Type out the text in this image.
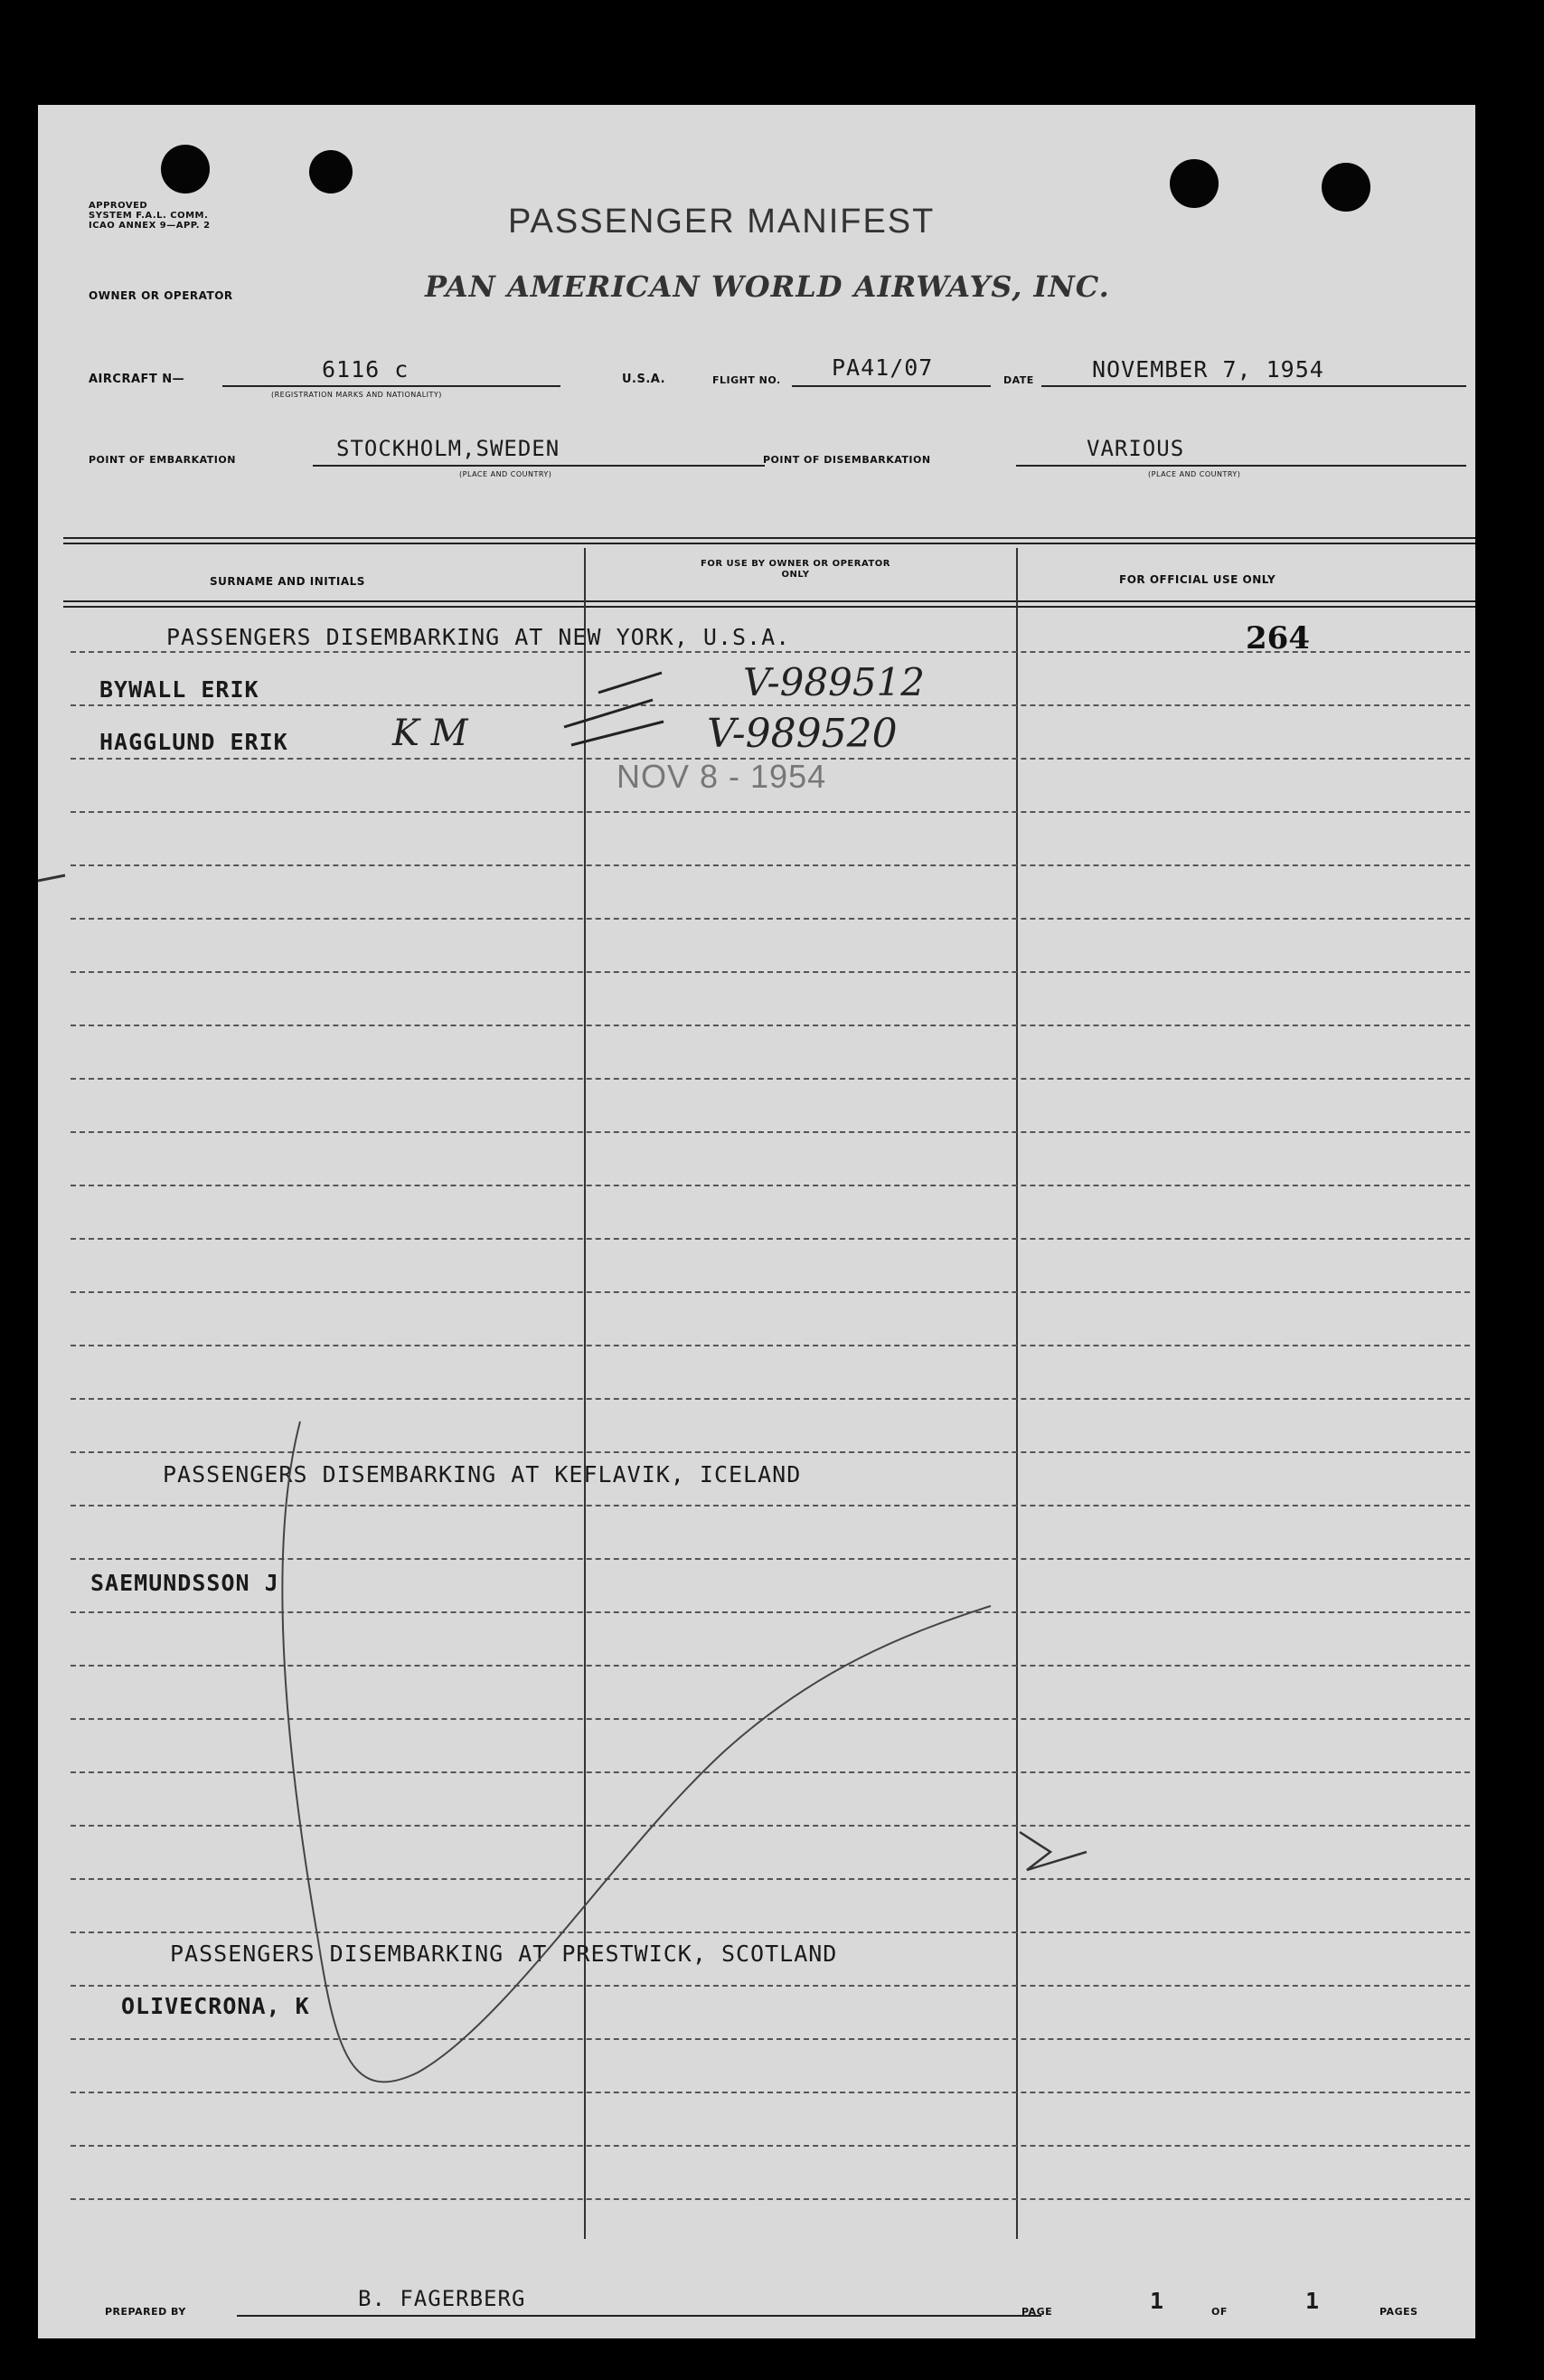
APPROVED
SYSTEM F.A.L. COMM.
ICAO ANNEX 9—APP. 2	PASSENGER MANIFEST
OWNER OR OPERATOR	PAN AMERICAN WORLD AIRWAYS, INC.
AIRCRAFT N—	6116 c
(REGISTRATION MARKS AND NATIONALITY)
U.S.A.	FLIGHT NO. PA41/07	DATE	NOVEMBER 7, 1954
POINT OF EMBARKATION	STOCKHOLM,SWEDEN
(PLACE AND COUNTRY)
POINT OF DISEMBARKATION	VARIOUS
(PLACE AND COUNTRY)
SURNAME AND INITIALS
FOR USE BY OWNER OR OPERATOR ONLY	FOR OFFICIAL USE ONLY
PASSENGERS DISEMBARKING AT NEW YORK, U.S.A.	264
BYWALL ERIK	V-989512
HAGGLUND ERIK	K M	V-989520
NOV 8 - 1954
PASSENGERS DISEMBARKING AT KEFLAVIK, ICELAND
SAEMUNDSSON J
PASSENGERS DISEMBARKING AT PRESTWICK, SCOTLAND
OLIVECRONA, K
PREPARED BY
B. FAGERBERG
PAGE	1	OF	1	PAGES
